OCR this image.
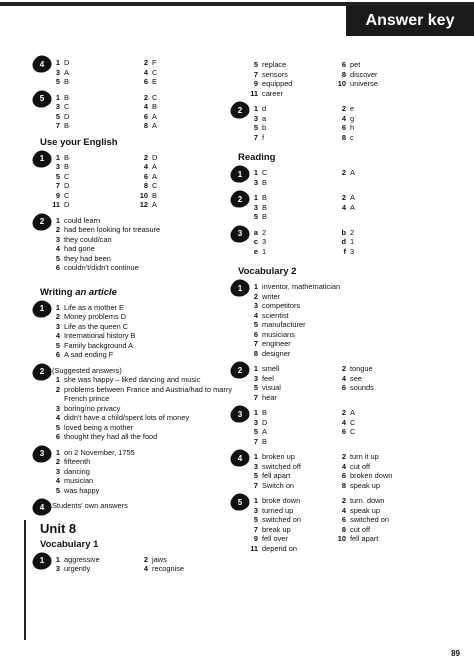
Answer key
4	1 D	2 F
3 A	4 C
5 B	6 E
5	1 B	2 C
3 C	4 B
5 D	6 A
7 B	8 A
Use your English
1	1 B	2 D
3 B	4 A
5 C	6 A
7 D	8 C
9 C	10 B
11 D	12 A
2	1 could learn
2 had been looking for treasure
3 they could/can
4 had gone
5 they had been
6 couldn't/didn't continue
Writing an article
1	1 Life as a mother E
2 Money problems D
3 Life as the queen C
4 International history B
5 Family background A
6 A sad ending F
2	(Suggested answers)
1 she was happy – liked dancing and music
2 problems between France and Austria/had to marry
French prince
3 boring/no privacy
4 didn't have a child/spent lots of money
5 loved being a mother
6 thought they had all the food
3	1 on 2 November, 1755
2 fifteenth
3 dancing
4 musician
5 was happy
4	Students' own answers
Unit 8
Vocabulary 1
1	1 aggressive	2 jaws
3 urgently	4 recognise
5 replace	6 pet
7 sensors	8 discover
9 equipped	10 universe
11 career
2	1 d	2 e
3 a	4 g
5 b	6 h
7 f	8 c
Reading
1	1 C	2 A
3 B
2	1 B	2 A
3 B	4 A
5 B
3	a 2	b 2
c 3	d 1
e 1	f 3
Vocabulary 2
1	1 inventor, mathematician
2 writer
3 competitors
4 scientist
5 manufacturer
6 musicians
7 engineer
8 designer
2	1 smell	2 tongue
3 feel	4 see
5 visual	6 sounds
7 hear
3	1 B	2 A
3 D	4 C
5 A	6 C
7 B
4	1 broken up	2 turn it up
3 switched off	4 cut off
5 fell apart	6 broken down
7 Switch on	8 speak up
5	1 broke down	2 turn. down
3 turned up	4 speak up
5 switched on	6 switched on
7 break up	8 cut off
9 fell over	10 fell apart
11 depend on
89
